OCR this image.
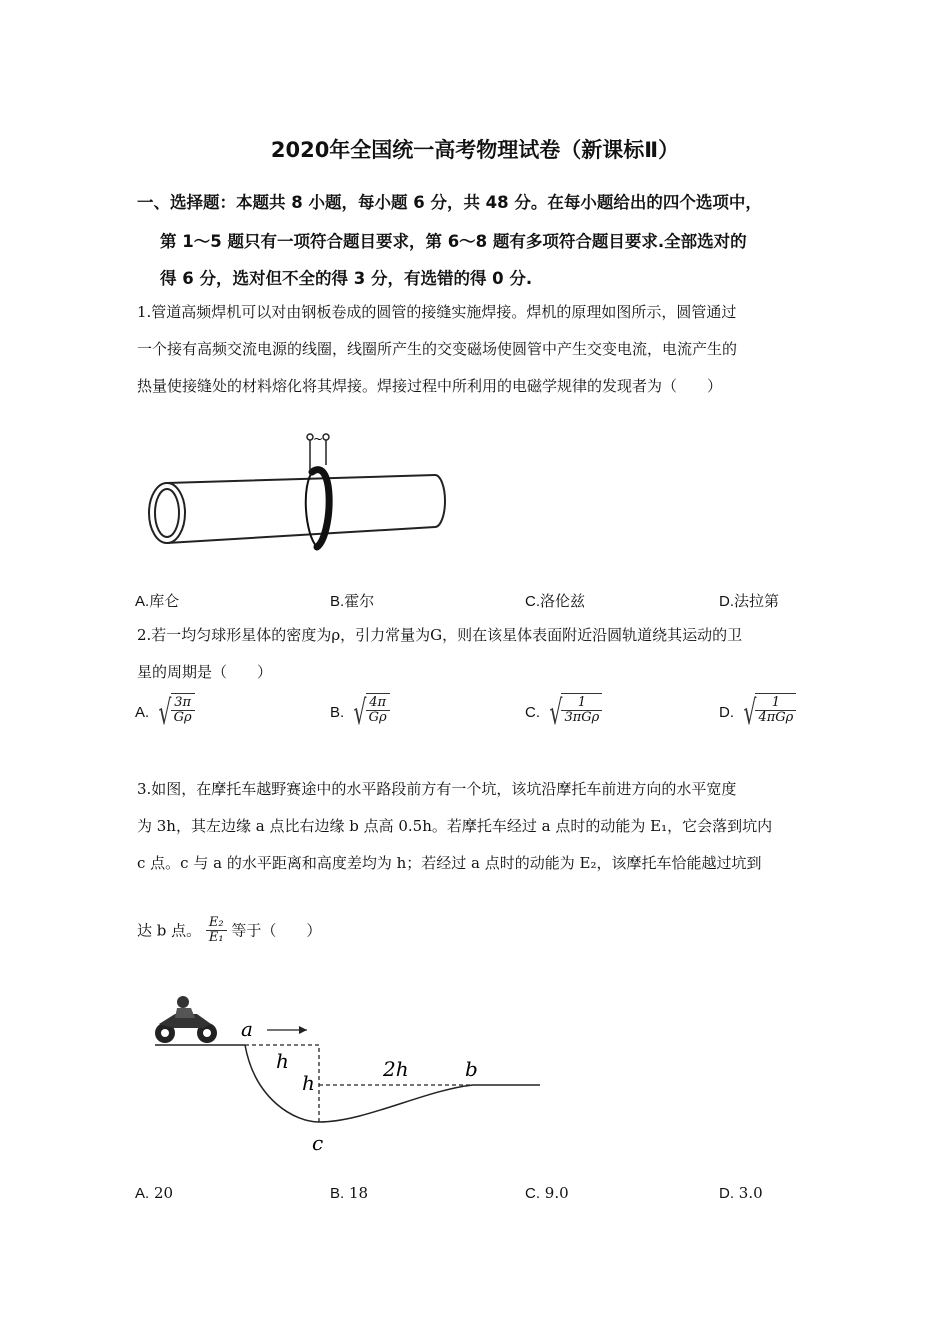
2020年全国统一高考物理试卷（新课标Ⅱ）
一、选择题：本题共 8 小题，每小题 6 分，共 48 分。在每小题给出的四个选项中，
第 1～5 题只有一项符合题目要求，第 6～8 题有多项符合题目要求.全部选对的
得 6 分，选对但不全的得 3 分，有选错的得 0 分.
1.管道高频焊机可以对由钢板卷成的圆管的接缝实施焊接。焊机的原理如图所示，圆管通过
一个接有高频交流电源的线圈，线圈所产生的交变磁场使圆管中产生交变电流，电流产生的
热量使接缝处的材料熔化将其焊接。焊接过程中所利用的电磁学规律的发现者为（　　）
~
A.库仑	B.霍尔	C.洛伦兹	D.法拉第
2.若一均匀球形星体的密度为ρ，引力常量为G，则在该星体表面附近沿圆轨道绕其运动的卫
星的周期是（　　）
A. √ $\frac{3\pi}{G\rho}$	B. √ $\frac{4\pi}{G\rho}$	C. √ $\frac{1}{\text{3πGρ}}$	D. √ $\frac{1}{\text{4πGρ}}$
3.如图，在摩托车越野赛途中的水平路段前方有一个坑，该坑沿摩托车前进方向的水平宽度
为 3h，其左边缘 a 点比右边缘 b 点高 0.5h。若摩托车经过 a 点时的动能为 E₁，它会落到坑内
c 点。c 与 a 的水平距离和高度差均为 h；若经过 a 点时的动能为 E₂，该摩托车恰能越过坑到
达 b 点。 $\frac{\text{E₂}}{\text{E₁}}$ 等于（　　）
a
h
h
2h	b
c
A. 20	B. 18	C. 9.0	D. 3.0
